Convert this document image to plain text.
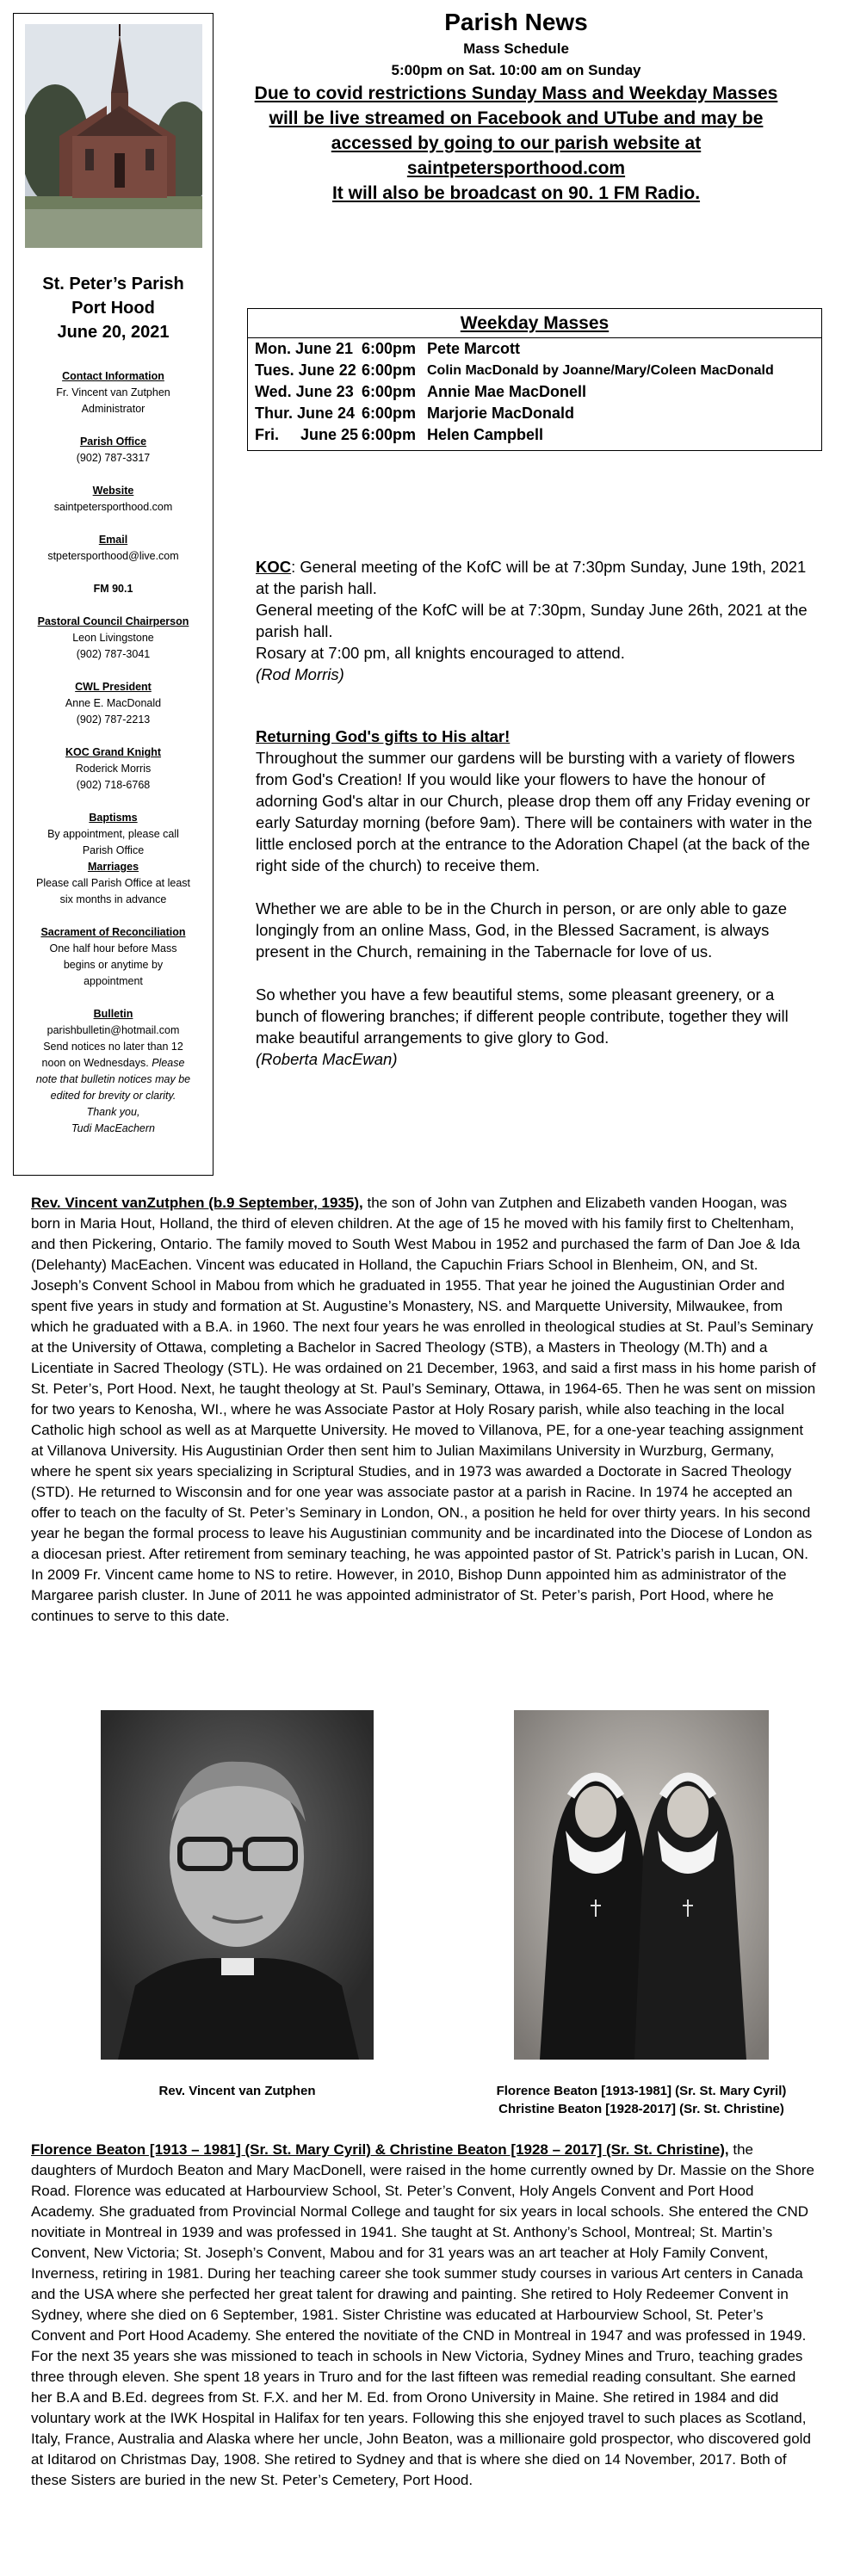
St. Peter’s Parish
Port Hood
June 20, 2021
Contact Information
Fr. Vincent van Zutphen
Administrator
Parish Office
(902) 787-3317
Website
saintpetersporthood.com
Email
stpetersporthood@live.com
FM 90.1
Pastoral Council Chairperson
Leon Livingstone
(902) 787-3041
CWL President
Anne E. MacDonald
(902) 787-2213
KOC Grand Knight
Roderick Morris
(902) 718-6768
Baptisms
By appointment, please call
Parish Office
Marriages
Please call Parish Office at least
six months in advance
Sacrament of Reconciliation
One half hour before Mass
begins or anytime by
appointment
Bulletin
parishbulletin@hotmail.com
Send notices no later than 12
noon on Wednesdays. Please
note that bulletin notices may be
edited for brevity or clarity.
Thank you,
Tudi MacEachern
Parish News
Mass Schedule
5:00pm on Sat. 10:00 am on Sunday
Due to covid restrictions Sunday Mass and Weekday Masses
will be live streamed on Facebook and UTube and may be
accessed by going to our parish website at
saintpetersporthood.com
It will also be broadcast on 90. 1 FM Radio.
Weekday Masses
Mon. June 21 6:00pm Pete Marcott
Tues. June 22 6:00pm Colin MacDonald by Joanne/Mary/Coleen MacDonald
Wed. June 23 6:00pm Annie Mae MacDonell
Thur. June 24 6:00pm Marjorie MacDonald
Fri.     June 25 6:00pm Helen Campbell
KOC: General meeting of the KofC will be at 7:30pm Sunday, June 19th, 2021 at the parish hall.
General meeting of the KofC will be at 7:30pm, Sunday June 26th, 2021 at the parish hall.
Rosary at 7:00 pm, all knights encouraged to attend.
(Rod Morris)
Returning God's gifts to His altar!
Throughout the summer our gardens will be bursting with a variety of flowers from God's Creation! If you would like your flowers to have the honour of adorning God's altar in our Church, please drop them off any Friday evening or early Saturday morning (before 9am). There will be containers with water in the little enclosed porch at the entrance to the Adoration Chapel (at the back of the right side of the church) to receive them.
Whether we are able to be in the Church in person, or are only able to gaze longingly from an online Mass, God, in the Blessed Sacrament, is always present in the Church, remaining in the Tabernacle for love of us.
So whether you have a few beautiful stems, some pleasant greenery, or a bunch of flowering branches; if different people contribute, together they will make beautiful arrangements to give glory to God.
(Roberta MacEwan)
Rev. Vincent vanZutphen (b.9 September, 1935), the son of John van Zutphen and Elizabeth vanden Hoogan, was born in Maria Hout, Holland, the third of eleven children. At the age of 15 he moved with his family first to Cheltenham, and then Pickering, Ontario. The family moved to South West Mabou in 1952 and purchased the farm of Dan Joe & Ida (Delehanty) MacEachen. Vincent was educated in Holland, the Capuchin Friars School in Blenheim, ON, and St. Joseph’s Convent School in Mabou from which he graduated in 1955. That year he joined the Augustinian Order and spent five years in study and formation at St. Augustine’s Monastery, NS. and Marquette University, Milwaukee, from which he graduated with a B.A. in 1960. The next four years he was enrolled in theological studies at St. Paul’s Seminary at the University of Ottawa, completing a Bachelor in Sacred Theology (STB), a Masters in Theology (M.Th) and a Licentiate in Sacred Theology (STL). He was ordained on 21 December, 1963, and said a first mass in his home parish of St. Peter’s, Port Hood. Next, he taught theology at St. Paul’s Seminary, Ottawa, in 1964-65. Then he was sent on mission for two years to Kenosha, WI., where he was Associate Pastor at Holy Rosary parish, while also teaching in the local Catholic high school as well as at Marquette University. He moved to Villanova, PE, for a one-year teaching assignment at Villanova University. His Augustinian Order then sent him to Julian Maximilans University in Wurzburg, Germany, where he spent six years specializing in Scriptural Studies, and in 1973 was awarded a Doctorate in Sacred Theology (STD). He returned to Wisconsin and for one year was associate pastor at a parish in Racine. In 1974 he accepted an offer to teach on the faculty of St. Peter’s Seminary in London, ON., a position he held for over thirty years. In his second year he began the formal process to leave his Augustinian community and be incardinated into the Diocese of London as a diocesan priest. After retirement from seminary teaching, he was appointed pastor of St. Patrick’s parish in Lucan, ON. In 2009 Fr. Vincent came home to NS to retire. However, in 2010, Bishop Dunn appointed him as administrator of the Margaree parish cluster. In June of 2011 he was appointed administrator of St. Peter’s parish, Port Hood, where he continues to serve to this date.
Rev. Vincent van Zutphen	Florence Beaton [1913-1981] (Sr. St. Mary Cyril)
Christine Beaton [1928-2017] (Sr. St. Christine)
Florence Beaton [1913 – 1981] (Sr. St. Mary Cyril) & Christine Beaton [1928 – 2017] (Sr. St. Christine), the daughters of Murdoch Beaton and Mary MacDonell, were raised in the home currently owned by Dr. Massie on the Shore Road. Florence was educated at Harbourview School, St. Peter’s Convent, Holy Angels Convent and Port Hood Academy. She graduated from Provincial Normal College and taught for six years in local schools. She entered the CND novitiate in Montreal in 1939 and was professed in 1941. She taught at St. Anthony’s School, Montreal; St. Martin’s Convent, New Victoria; St. Joseph’s Convent, Mabou and for 31 years was an art teacher at Holy Family Convent, Inverness, retiring in 1981. During her teaching career she took summer study courses in various Art centers in Canada and the USA where she perfected her great talent for drawing and painting. She retired to Holy Redeemer Convent in Sydney, where she died on 6 September, 1981. Sister Christine was educated at Harbourview School, St. Peter’s Convent and Port Hood Academy. She entered the novitiate of the CND in Montreal in 1947 and was professed in 1949. For the next 35 years she was missioned to teach in schools in New Victoria, Sydney Mines and Truro, teaching grades three through eleven. She spent 18 years in Truro and for the last fifteen was remedial reading consultant. She earned her B.A and B.Ed. degrees from St. F.X. and her M. Ed. from Orono University in Maine. She retired in 1984 and did voluntary work at the IWK Hospital in Halifax for ten years. Following this she enjoyed travel to such places as Scotland, Italy, France, Australia and Alaska where her uncle, John Beaton, was a millionaire gold prospector, who discovered gold at Iditarod on Christmas Day, 1908. She retired to Sydney and that is where she died on 14 November, 2017. Both of these Sisters are buried in the new St. Peter’s Cemetery, Port Hood.
